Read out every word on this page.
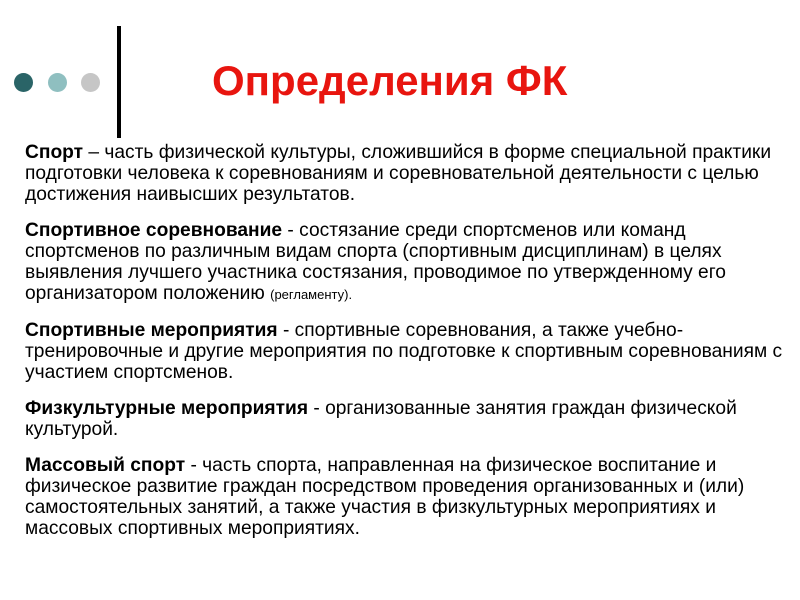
Определения ФК

Спорт – часть физической культуры, сложившийся в форме специальной практики подготовки человека к соревнованиям и соревновательной деятельности с целью достижения наивысших результатов.

Спортивное соревнование - состязание среди спортсменов или команд спортсменов по различным видам спорта (спортивным дисциплинам) в целях выявления лучшего участника состязания, проводимое по утвержденному его организатором положению (регламенту).

Спортивные мероприятия - спортивные соревнования, а также учебно-тренировочные и другие мероприятия по подготовке к спортивным соревнованиям с участием спортсменов.

Физкультурные мероприятия - организованные занятия граждан физической культурой.

Массовый спорт - часть спорта, направленная на физическое воспитание и физическое развитие граждан посредством проведения организованных и (или) самостоятельных занятий, а также участия в физкультурных мероприятиях и массовых спортивных мероприятиях.
